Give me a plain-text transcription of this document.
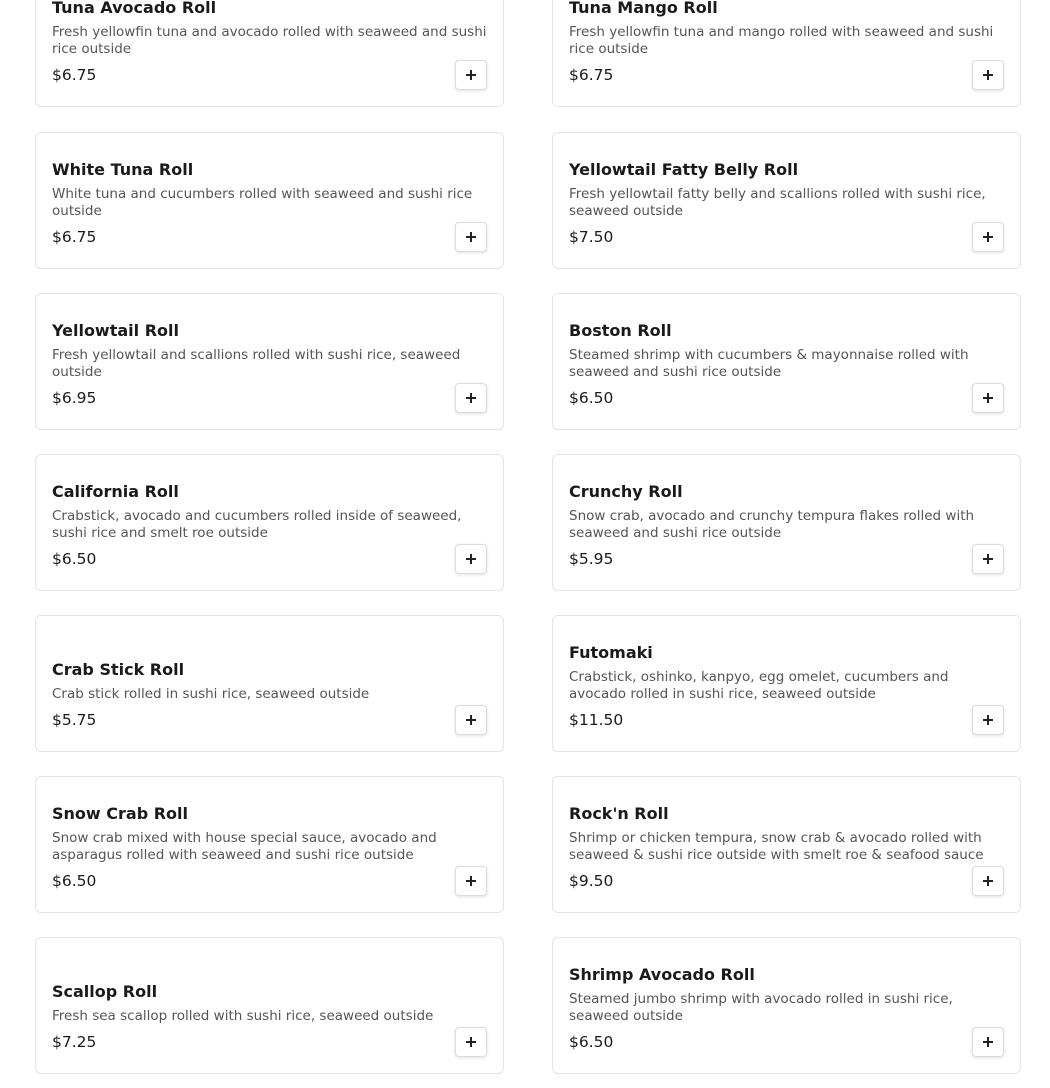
Tuna Avocado Roll
Fresh yellowfin tuna and avocado rolled with seaweed and sushi rice outside
$6.75
Tuna Mango Roll
Fresh yellowfin tuna and mango rolled with seaweed and sushi rice outside
$6.75
White Tuna Roll
White tuna and cucumbers rolled with seaweed and sushi rice outside
$6.75
Yellowtail Fatty Belly Roll
Fresh yellowtail fatty belly and scallions rolled with sushi rice, seaweed outside
$7.50
Yellowtail Roll
Fresh yellowtail and scallions rolled with sushi rice, seaweed outside
$6.95
Boston Roll
Steamed shrimp with cucumbers & mayonnaise rolled with seaweed and sushi rice outside
$6.50
California Roll
Crabstick, avocado and cucumbers rolled inside of seaweed, sushi rice and smelt roe outside
$6.50
Crunchy Roll
Snow crab, avocado and crunchy tempura flakes rolled with seaweed and sushi rice outside
$5.95
Crab Stick Roll
Crab stick rolled in sushi rice, seaweed outside
$5.75
Futomaki
Crabstick, oshinko, kanpyo, egg omelet, cucumbers and avocado rolled in sushi rice, seaweed outside
$11.50
Snow Crab Roll
Snow crab mixed with house special sauce, avocado and asparagus rolled with seaweed and sushi rice outside
$6.50
Rock'n Roll
Shrimp or chicken tempura, snow crab & avocado rolled with seaweed & sushi rice outside with smelt roe & seafood sauce
$9.50
Scallop Roll
Fresh sea scallop rolled with sushi rice, seaweed outside
$7.25
Shrimp Avocado Roll
Steamed jumbo shrimp with avocado rolled in sushi rice, seaweed outside
$6.50
